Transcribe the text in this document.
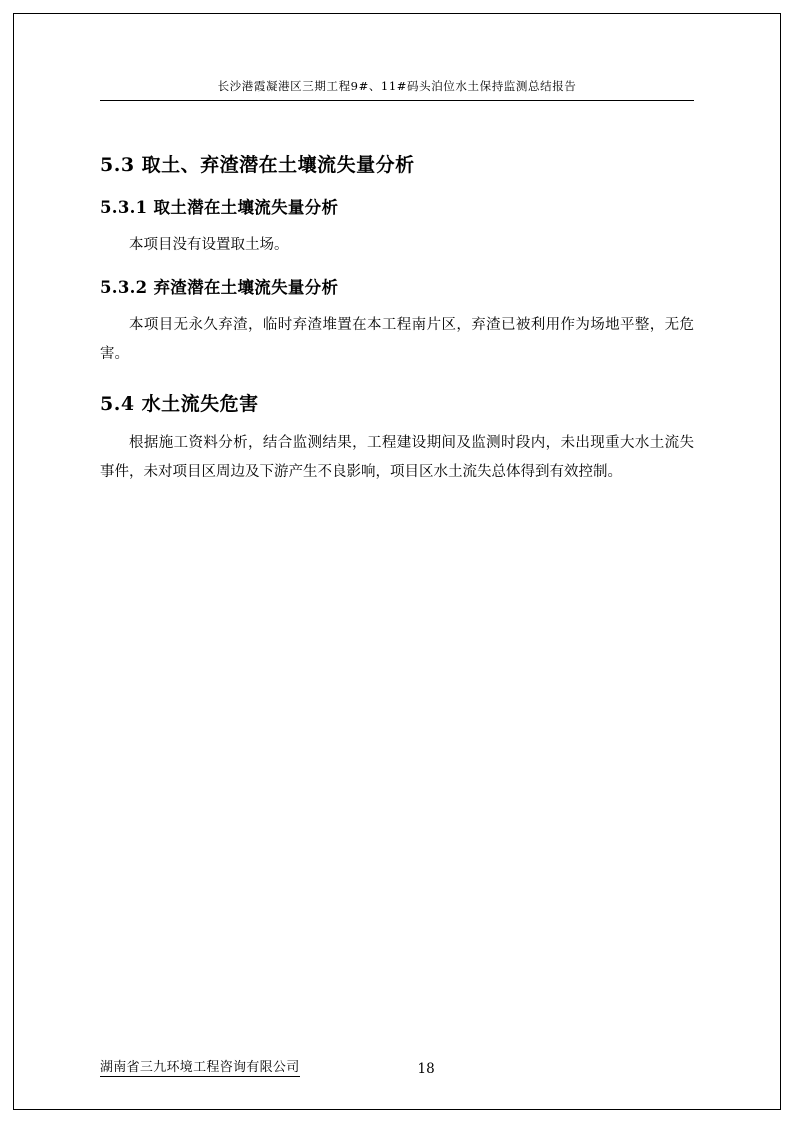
长沙港霞凝港区三期工程9#、11#码头泊位水土保持监测总结报告
5.3 取土、弃渣潜在土壤流失量分析
5.3.1 取土潜在土壤流失量分析

本项目没有设置取土场。

5.3.2 弃渣潜在土壤流失量分析

本项目无永久弃渣，临时弃渣堆置在本工程南片区，弃渣已被利用作为场地平整，无危害。

5.4 水土流失危害

根据施工资料分析，结合监测结果，工程建设期间及监测时段内，未出现重大水土流失事件，未对项目区周边及下游产生不良影响，项目区水土流失总体得到有效控制。

湖南省三九环境工程咨询有限公司	18
